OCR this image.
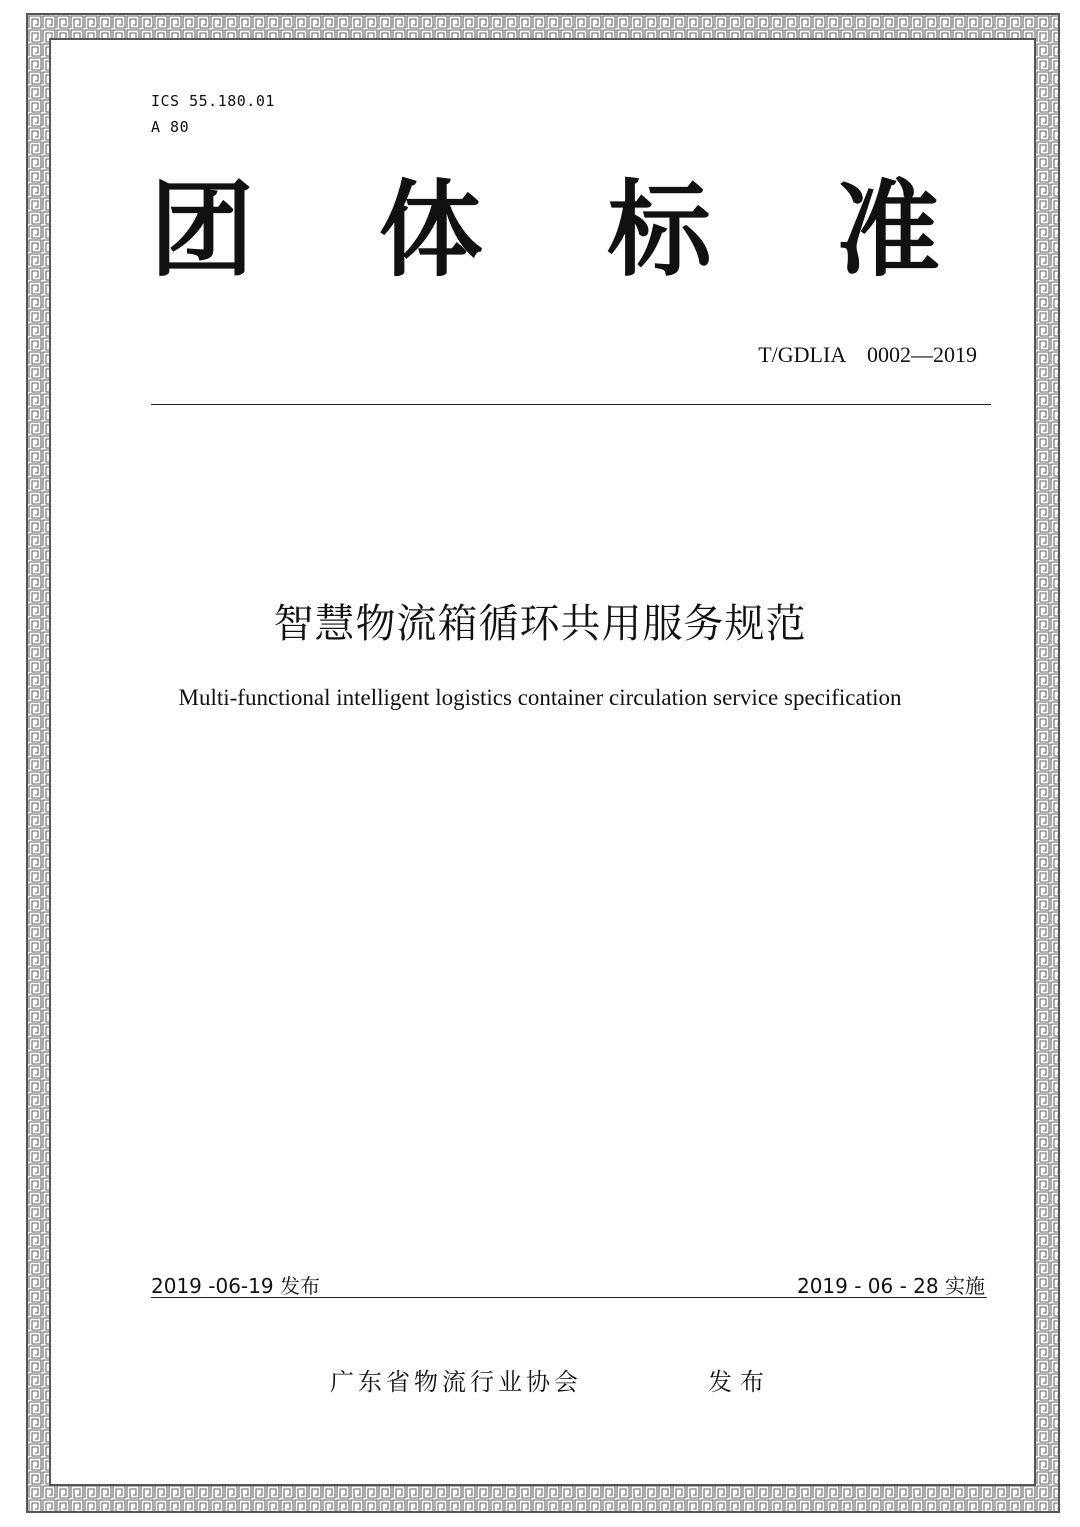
ICS 55.180.01
A 80
团 体 标 准
T/GDLIA    0002—2019
智慧物流箱循环共用服务规范
Multi-functional intelligent logistics container circulation service specification
2019 -06-19 发布	2019 - 06 - 28 实施
广东省物流行业协会	发布
